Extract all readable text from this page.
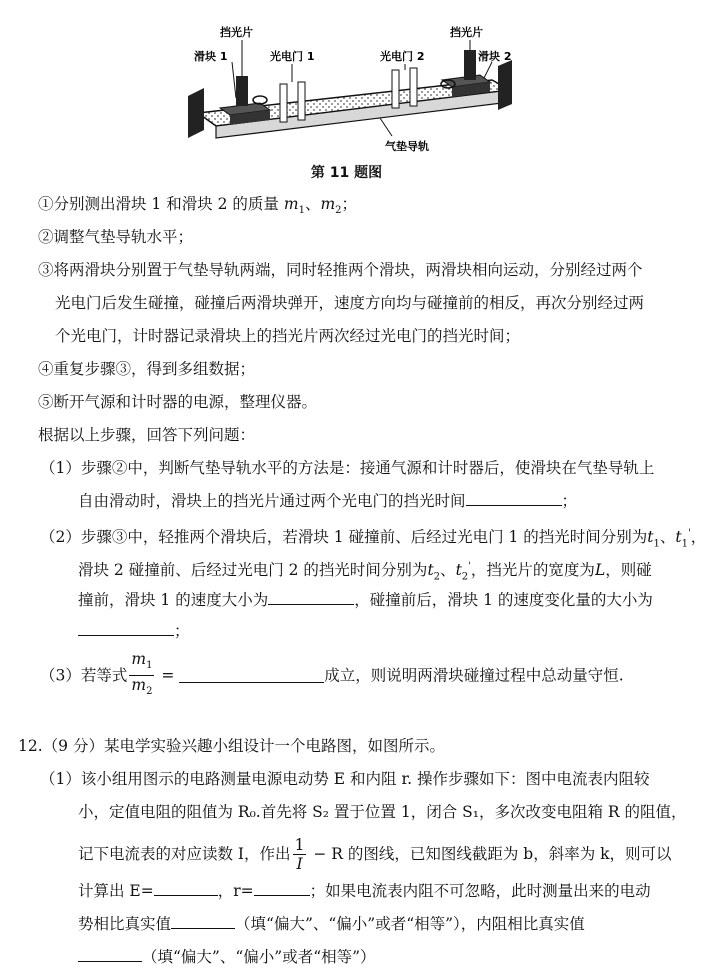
挡光片
滑块 1	光电门 1	光电门 2
挡光片
滑块 2
气垫导轨
第 11 题图
①分别测出滑块 1 和滑块 2 的质量 $m_1$、$m_2$；
②调整气垫导轨水平；
③将两滑块分别置于气垫导轨两端，同时轻推两个滑块，两滑块相向运动，分别经过两个
光电门后发生碰撞，碰撞后两滑块弹开，速度方向均与碰撞前的相反，再次分别经过两
个光电门，计时器记录滑块上的挡光片两次经过光电门的挡光时间；
④重复步骤③，得到多组数据；
⑤断开气源和计时器的电源，整理仪器。
根据以上步骤，回答下列问题：
（1）步骤②中，判断气垫导轨水平的方法是：接通气源和计时器后，使滑块在气垫导轨上
自由滑动时，滑块上的挡光片通过两个光电门的挡光时间	；
（2）步骤③中，轻推两个滑块后，若滑块 1 碰撞前、后经过光电门 1 的挡光时间分别为$t_1$、$t_1'$，
滑块 2 碰撞前、后经过光电门 2 的挡光时间分别为$t_2$、$t_2'$，挡光片的宽度为L，则碰
撞前，滑块 1 的速度大小为	，碰撞前后，滑块 1 的速度变化量的大小为
；
（3）若等式 $\frac{m_1}{m_2}$ =	成立，则说明两滑块碰撞过程中总动量守恒.
12.（9 分）某电学实验兴趣小组设计一个电路图，如图所示。
（1）该小组用图示的电路测量电源电动势 E 和内阻 r. 操作步骤如下：图中电流表内阻较
小，定值电阻的阻值为 R₀.首先将 S₂ 置于位置 1，闭合 S₁，多次改变电阻箱 R 的阻值，
记下电流表的对应读数 I，作出 $\frac{1}{I} - R$ 的图线，已知图线截距为 b，斜率为 k，则可以
计算出 E=	，r=	；如果电流表内阻不可忽略，此时测量出来的电动
势相比真实值	（填“偏大”、“偏小”或者“相等”），内阻相比真实值
（填“偏大”、“偏小”或者“相等”）
